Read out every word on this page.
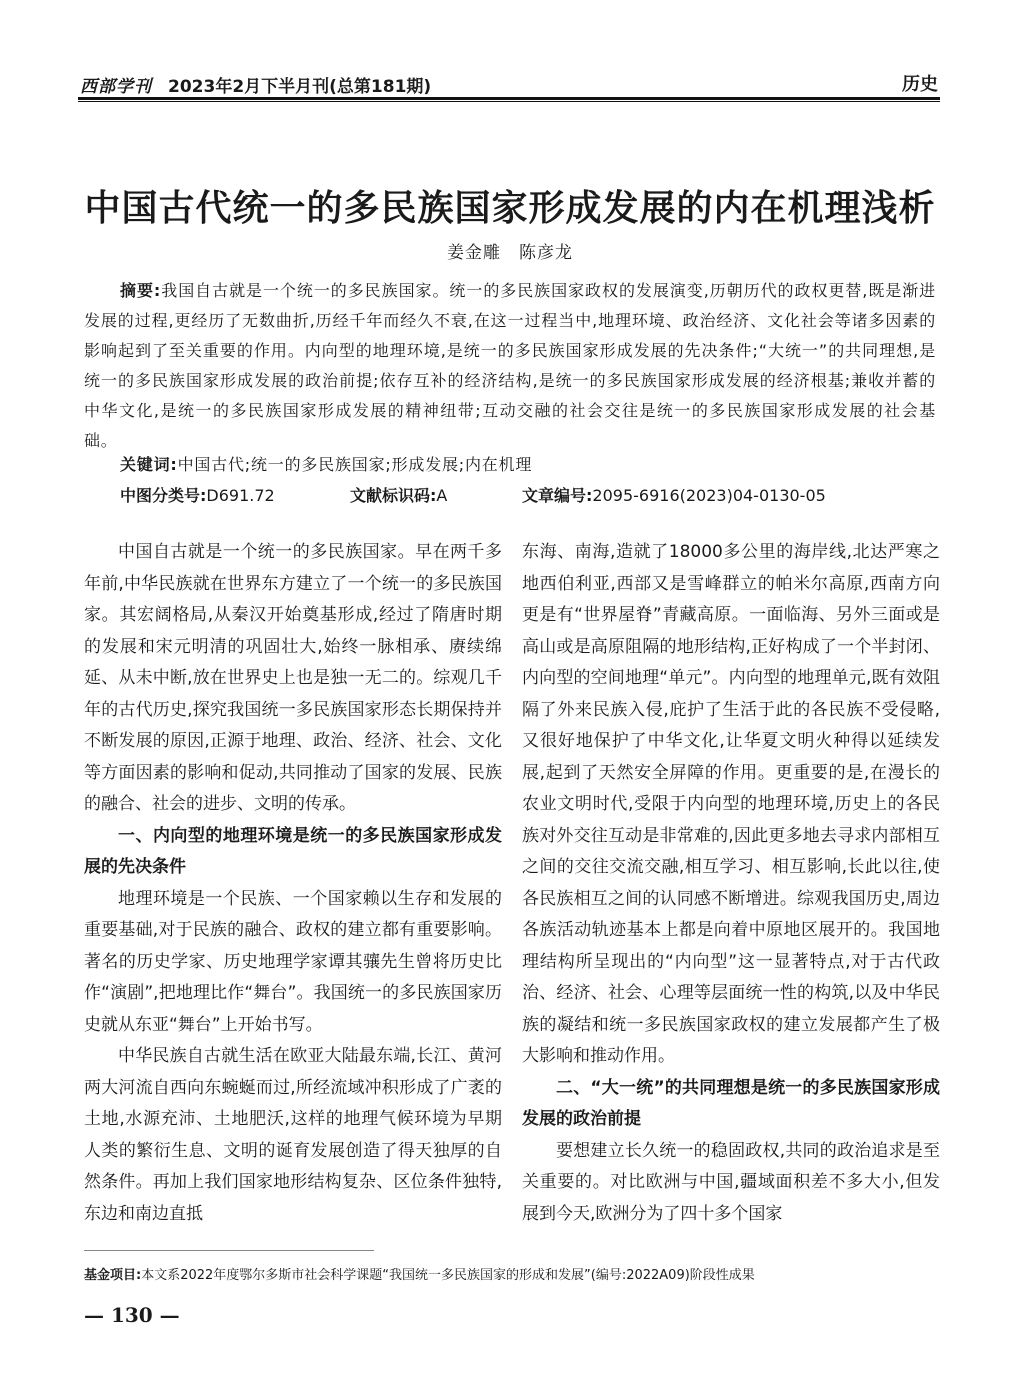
西部学刊 2023年2月下半月刊(总第181期)	历史
中国古代统一的多民族国家形成发展的内在机理浅析
姜金雕　陈彦龙
摘要:我国自古就是一个统一的多民族国家。统一的多民族国家政权的发展演变,历朝历代的政权更替,既是渐进发展的过程,更经历了无数曲折,历经千年而经久不衰,在这一过程当中,地理环境、政治经济、文化社会等诸多因素的影响起到了至关重要的作用。内向型的地理环境,是统一的多民族国家形成发展的先决条件;“大统一”的共同理想,是统一的多民族国家形成发展的政治前提;依存互补的经济结构,是统一的多民族国家形成发展的经济根基;兼收并蓄的中华文化,是统一的多民族国家形成发展的精神纽带;互动交融的社会交往是统一的多民族国家形成发展的社会基础。
关键词:中国古代;统一的多民族国家;形成发展;内在机理
中图分类号:D691.72	文献标识码:A	文章编号:2095-6916(2023)04-0130-05

中国自古就是一个统一的多民族国家。早在两千多年前,中华民族就在世界东方建立了一个统一的多民族国家。其宏阔格局,从秦汉开始奠基形成,经过了隋唐时期的发展和宋元明清的巩固壮大,始终一脉相承、赓续绵延、从未中断,放在世界史上也是独一无二的。综观几千年的古代历史,探究我国统一多民族国家形态长期保持并不断发展的原因,正源于地理、政治、经济、社会、文化等方面因素的影响和促动,共同推动了国家的发展、民族的融合、社会的进步、文明的传承。

一、内向型的地理环境是统一的多民族国家形成发展的先决条件

地理环境是一个民族、一个国家赖以生存和发展的重要基础,对于民族的融合、政权的建立都有重要影响。著名的历史学家、历史地理学家谭其骧先生曾将历史比作“演剧”,把地理比作“舞台”。我国统一的多民族国家历史就从东亚“舞台”上开始书写。

中华民族自古就生活在欧亚大陆最东端,长江、黄河两大河流自西向东蜿蜒而过,所经流域冲积形成了广袤的土地,水源充沛、土地肥沃,这样的地理气候环境为早期人类的繁衍生息、文明的诞育发展创造了得天独厚的自然条件。再加上我们国家地形结构复杂、区位条件独特,东边和南边直抵

东海、南海,造就了18000多公里的海岸线,北达严寒之地西伯利亚,西部又是雪峰群立的帕米尔高原,西南方向更是有“世界屋脊”青藏高原。一面临海、另外三面或是高山或是高原阻隔的地形结构,正好构成了一个半封闭、内向型的空间地理“单元”。内向型的地理单元,既有效阻隔了外来民族入侵,庇护了生活于此的各民族不受侵略,又很好地保护了中华文化,让华夏文明火种得以延续发展,起到了天然安全屏障的作用。更重要的是,在漫长的农业文明时代,受限于内向型的地理环境,历史上的各民族对外交往互动是非常难的,因此更多地去寻求内部相互之间的交往交流交融,相互学习、相互影响,长此以往,使各民族相互之间的认同感不断增进。综观我国历史,周边各族活动轨迹基本上都是向着中原地区展开的。我国地理结构所呈现出的“内向型”这一显著特点,对于古代政治、经济、社会、心理等层面统一性的构筑,以及中华民族的凝结和统一多民族国家政权的建立发展都产生了极大影响和推动作用。

二、“大一统”的共同理想是统一的多民族国家形成发展的政治前提

要想建立长久统一的稳固政权,共同的政治追求是至关重要的。对比欧洲与中国,疆域面积差不多大小,但发展到今天,欧洲分为了四十多个国家

基金项目:本文系2022年度鄂尔多斯市社会科学课题“我国统一多民族国家的形成和发展”(编号:2022A09)阶段性成果
— 130 —
